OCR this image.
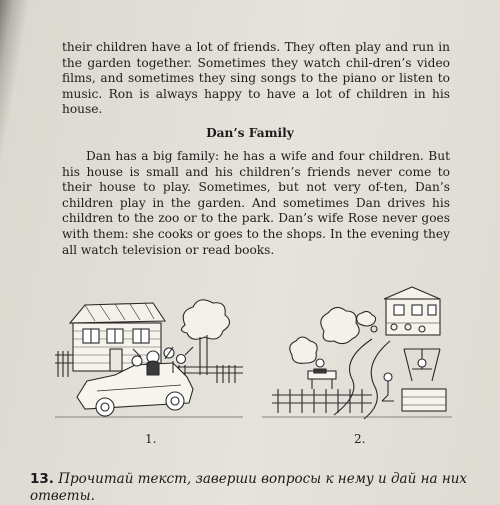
their children have a lot of friends. They often play and run in the garden together. Sometimes they watch chil-dren’s video films, and sometimes they sing songs to the piano or listen to music. Ron is always happy to have a lot of children in his house.
Dan’s Family
Dan has a big family: he has a wife and four children. But his house is small and his children’s friends never come to their house to play. Sometimes, but not very of-ten, Dan’s children play in the garden. And sometimes Dan drives his children to the zoo or to the park. Dan’s wife Rose never goes with them: she cooks or goes to the shops. In the evening they all watch television or read books.
1.	2.
13. Прочитай текст, заверши вопросы к нему и дай на них ответы.
